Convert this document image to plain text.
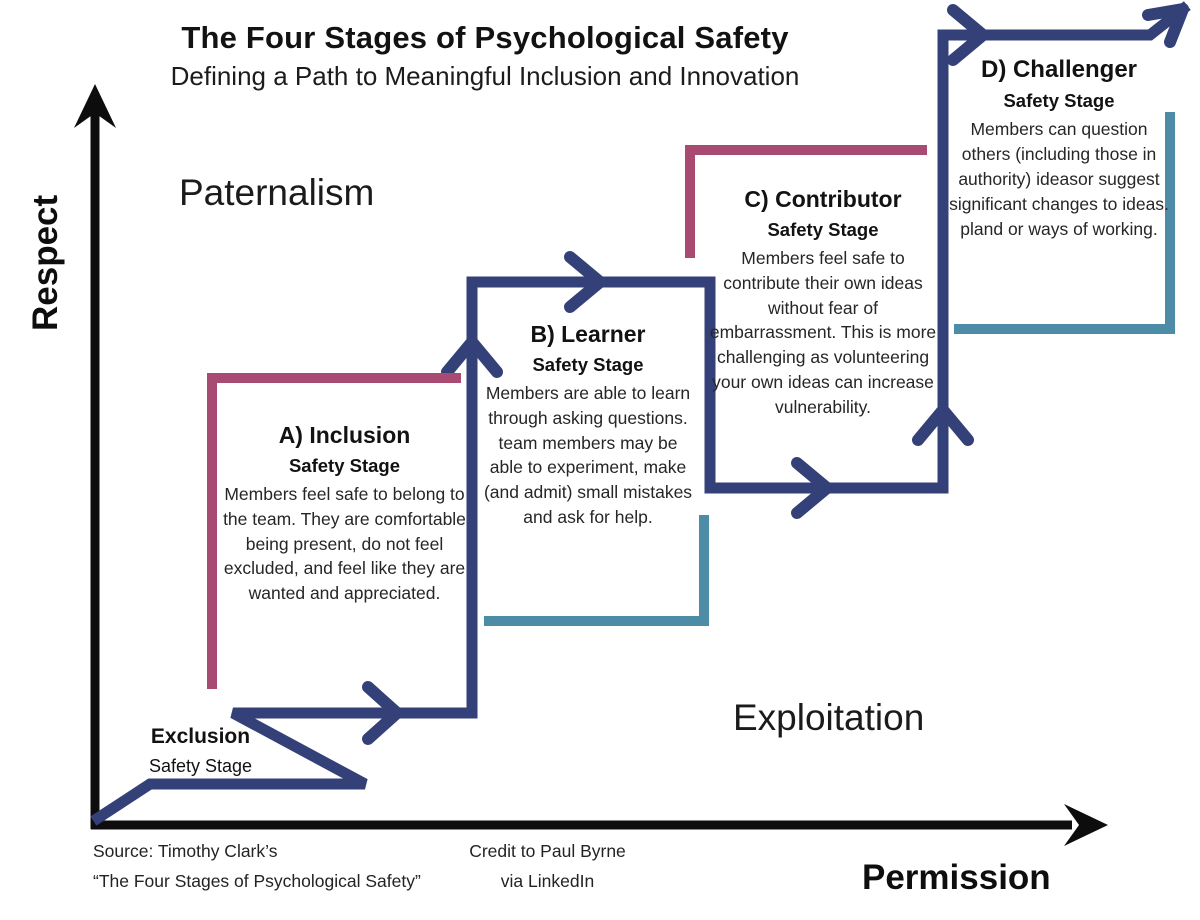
The Four Stages of Psychological Safety
Defining a Path to Meaningful Inclusion and Innovation
Respect
Permission
Paternalism
Exploitation
Exclusion
Safety Stage
A) Inclusion
Safety Stage
Members feel safe to belong to the team. They are comfortable being present, do not feel excluded, and feel like they are wanted and appreciated.
B) Learner
Safety Stage
Members are able to learn through asking questions. team members may be able to experiment, make (and admit) small mistakes and ask for help.
C) Contributor
Safety Stage
Members feel safe to contribute their own ideas without fear of embarrassment. This is more challenging as volunteering your own ideas can increase vulnerability.
D) Challenger
Safety Stage
Members can question others (including those in authority) ideasor suggest significant changes to ideas. pland or ways of working.
Source: Timothy Clark’s
“The Four Stages of Psychological Safety”
Credit to Paul Byrne
via LinkedIn
